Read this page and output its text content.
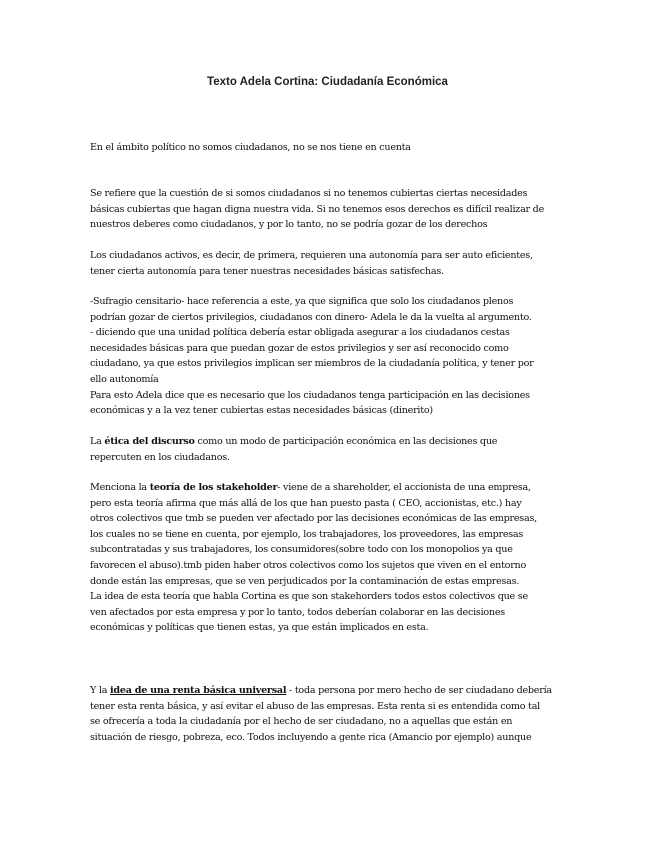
Texto Adela Cortina: Ciudadanía Económica
En el ámbito político no somos ciudadanos, no se nos tiene en cuenta
Se refiere que la cuestión de si somos ciudadanos si no tenemos cubiertas ciertas necesidades
básicas cubiertas que hagan digna nuestra vida. Si no tenemos esos derechos es difícil realizar de
nuestros deberes como ciudadanos, y por lo tanto, no se podría gozar de los derechos
Los ciudadanos activos, es decir, de primera, requieren una autonomía para ser auto eficientes,
tener cierta autonomía para tener nuestras necesidades básicas satisfechas.
-Sufragio censitario- hace referencia a este, ya que significa que solo los ciudadanos plenos
podrían gozar de ciertos privilegios, ciudadanos con dinero- Adela le da la vuelta al argumento.
- diciendo que una unidad política debería estar obligada asegurar a los ciudadanos cestas
necesidades básicas para que puedan gozar de estos privilegios y ser así reconocido como
ciudadano, ya que estos privilegios implican ser miembros de la ciudadanía política, y tener por
ello autonomía
Para esto Adela dice que es necesario que los ciudadanos tenga participación en las decisiones
económicas y a la vez tener cubiertas estas necesidades básicas (dinerito)
La ética del discurso como un modo de participación económica en las decisiones que
repercuten en los ciudadanos.
Menciona la teoría de los stakeholder- viene de a shareholder, el accionista de una empresa,
pero esta teoría afirma que más allá de los que han puesto pasta ( CEO, accionistas, etc.) hay
otros colectivos que tmb se pueden ver afectado por las decisiones económicas de las empresas,
los cuales no se tiene en cuenta, por ejemplo, los trabajadores, los proveedores, las empresas
subcontratadas y sus trabajadores, los consumidores(sobre todo con los monopolios ya que
favorecen el abuso).tmb piden haber otros colectivos como los sujetos que viven en el entorno
donde están las empresas, que se ven perjudicados por la contaminación de estas empresas.
La idea de esta teoría que habla Cortina es que son stakehorders todos estos colectivos que se
ven afectados por esta empresa y por lo tanto, todos deberían colaborar en las decisiones
económicas y políticas que tienen estas, ya que están implicados en esta.
Y la idea de una renta básica universal - toda persona por mero hecho de ser ciudadano debería
tener esta renta básica, y así evitar el abuso de las empresas. Esta renta si es entendida como tal
se ofrecería a toda la ciudadanía por el hecho de ser ciudadano, no a aquellas que están en
situación de riesgo, pobreza, eco. Todos incluyendo a gente rica (Amancio por ejemplo) aunque
